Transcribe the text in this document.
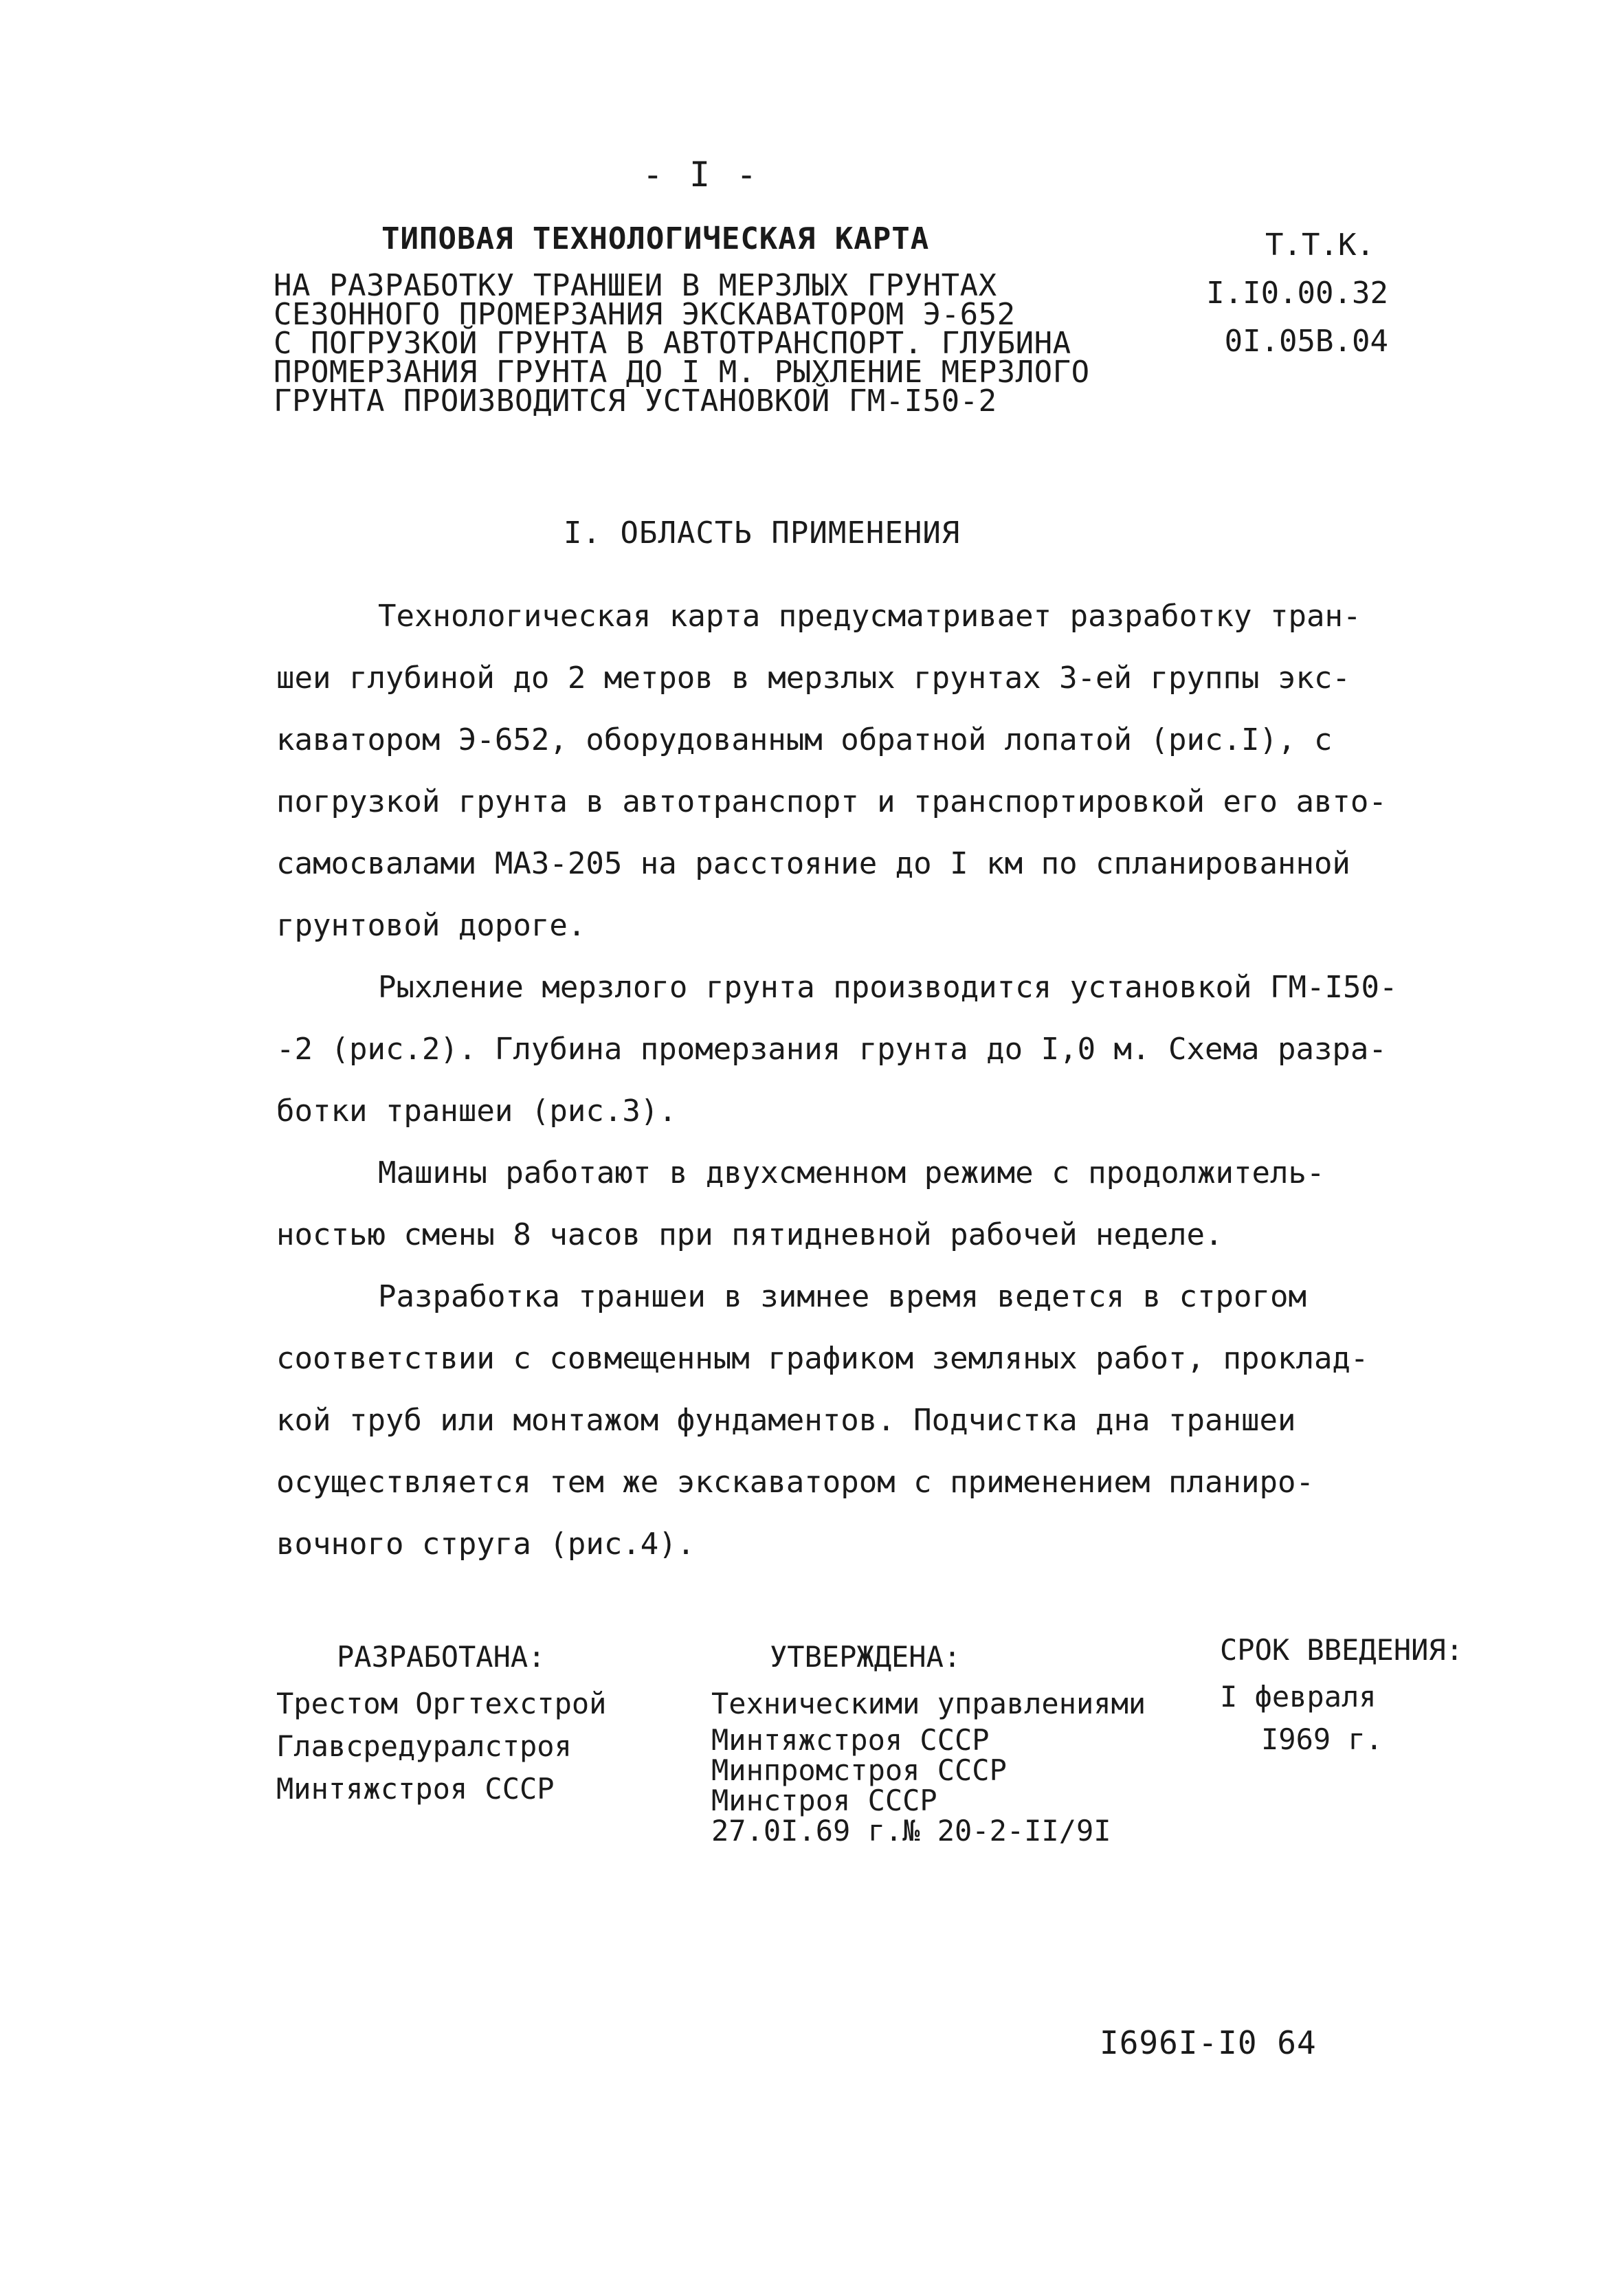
- I -
ТИПОВАЯ ТЕХНОЛОГИЧЕСКАЯ КАРТА
НА РАЗРАБОТКУ ТРАНШЕИ В МЕРЗЛЫХ ГРУНТАХ
СЕЗОННОГО ПРОМЕРЗАНИЯ ЭКСКАВАТОРОМ Э-652
С ПОГРУЗКОЙ ГРУНТА В АВТОТРАНСПОРТ. ГЛУБИНА
ПРОМЕРЗАНИЯ ГРУНТА ДО I М. РЫХЛЕНИЕ МЕРЗЛОГО
ГРУНТА ПРОИЗВОДИТСЯ УСТАНОВКОЙ ГМ-I50-2
Т.Т.К.
I.I0.00.32
0I.05В.04
I. ОБЛАСТЬ ПРИМЕНЕНИЯ
Технологическая карта предусматривает разработку тран-
шеи глубиной до 2 метров в мерзлых грунтах 3-ей группы экс-
каватором Э-652, оборудованным обратной лопатой (рис.I), с
погрузкой грунта в автотранспорт и транспортировкой его авто-
самосвалами МАЗ-205 на расстояние до I км по спланированной
грунтовой дороге.
Рыхление мерзлого грунта производится установкой ГМ-I50-
-2 (рис.2). Глубина промерзания грунта до I,0 м. Схема разра-
ботки траншеи (рис.3).
Машины работают в двухсменном режиме с продолжитель-
ностью смены 8 часов при пятидневной рабочей неделе.
Разработка траншеи в зимнее время ведется в строгом
соответствии с совмещенным графиком земляных работ, проклад-
кой труб или монтажом фундаментов. Подчистка дна траншеи
осуществляется тем же экскаватором с применением планиро-
вочного струга (рис.4).
РАЗРАБОТАНА:
Трестом Оргтехстрой
Главсредуралстроя
Минтяжстроя СССР
УТВЕРЖДЕНА:
Техническими управлениями
Минтяжстроя СССР
Минпромстроя СССР
Минстроя СССР
27.0I.69 г.№ 20-2-II/9I
СРОК ВВЕДЕНИЯ:
I февраля
I969 г.
I696I-I0 64
